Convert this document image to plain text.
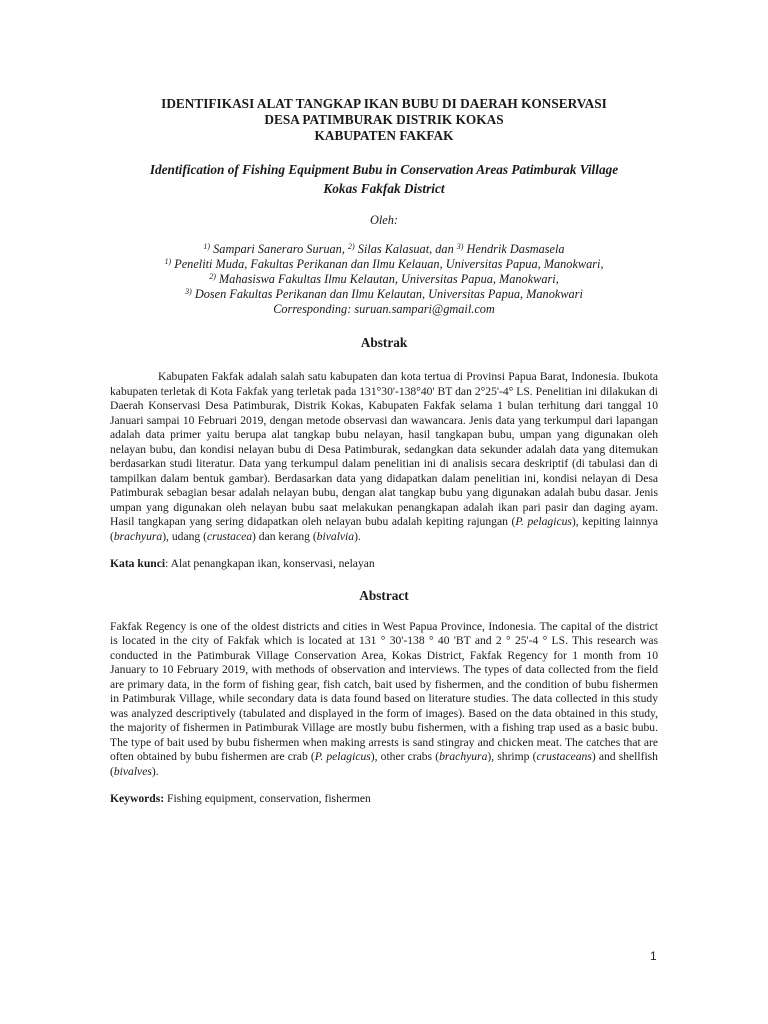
IDENTIFIKASI ALAT TANGKAP IKAN BUBU DI DAERAH KONSERVASI
DESA PATIMBURAK DISTRIK KOKAS
KABUPATEN FAKFAK
Identification of Fishing Equipment Bubu in Conservation Areas Patimburak Village
Kokas Fakfak District
Oleh:
$^{1)}$ Sampari Saneraro Suruan, $^{2)}$ Silas Kalasuat, dan $^{3)}$ Hendrik Dasmasela
$^{1)}$ Peneliti Muda, Fakultas Perikanan dan Ilmu Kelauan, Universitas Papua, Manokwari,
$^{2)}$ Mahasiswa Fakultas Ilmu Kelautan, Universitas Papua, Manokwari,
$^{3)}$ Dosen Fakultas Perikanan dan Ilmu Kelautan, Universitas Papua, Manokwari
Corresponding: suruan.sampari@gmail.com
Abstrak

Kabupaten Fakfak adalah salah satu kabupaten dan kota tertua di Provinsi Papua Barat, Indonesia. Ibukota kabupaten terletak di Kota Fakfak yang terletak pada 131°30'-138°40' BT dan 2°25'-4° LS. Penelitian ini dilakukan di Daerah Konservasi Desa Patimburak, Distrik Kokas, Kabupaten Fakfak selama 1 bulan terhitung dari tanggal 10 Januari sampai 10 Februari 2019, dengan metode observasi dan wawancara. Jenis data yang terkumpul dari lapangan adalah data primer yaitu berupa alat tangkap bubu nelayan, hasil tangkapan bubu, umpan yang digunakan oleh nelayan bubu, dan kondisi nelayan bubu di Desa Patimburak, sedangkan data sekunder adalah data yang ditemukan berdasarkan studi literatur. Data yang terkumpul dalam penelitian ini di analisis secara deskriptif (di tabulasi dan di tampilkan dalam bentuk gambar). Berdasarkan data yang didapatkan dalam penelitian ini, kondisi nelayan di Desa Patimburak sebagian besar adalah nelayan bubu, dengan alat tangkap bubu yang digunakan adalah bubu dasar. Jenis umpan yang digunakan oleh nelayan bubu saat melakukan penangkapan adalah ikan pari pasir dan daging ayam. Hasil tangkapan yang sering didapatkan oleh nelayan bubu adalah kepiting rajungan (P. pelagicus), kepiting lainnya (brachyura), udang (crustacea) dan kerang (bivalvia).

Kata kunci: Alat penangkapan ikan, konservasi, nelayan
Abstract

Fakfak Regency is one of the oldest districts and cities in West Papua Province, Indonesia. The capital of the district is located in the city of Fakfak which is located at 131 ° 30'-138 ° 40 'BT and 2 ° 25'-4 ° LS. This research was conducted in the Patimburak Village Conservation Area, Kokas District, Fakfak Regency for 1 month from 10 January to 10 February 2019, with methods of observation and interviews. The types of data collected from the field are primary data, in the form of fishing gear, fish catch, bait used by fishermen, and the condition of bubu fishermen in Patimburak Village, while secondary data is data found based on literature studies. The data collected in this study was analyzed descriptively (tabulated and displayed in the form of images). Based on the data obtained in this study, the majority of fishermen in Patimburak Village are mostly bubu fishermen, with a fishing trap used as a basic bubu. The type of bait used by bubu fishermen when making arrests is sand stingray and chicken meat. The catches that are often obtained by bubu fishermen are crab (P. pelagicus), other crabs (brachyura), shrimp (crustaceans) and shellfish (bivalves).

Keywords: Fishing equipment, conservation, fishermen
1
